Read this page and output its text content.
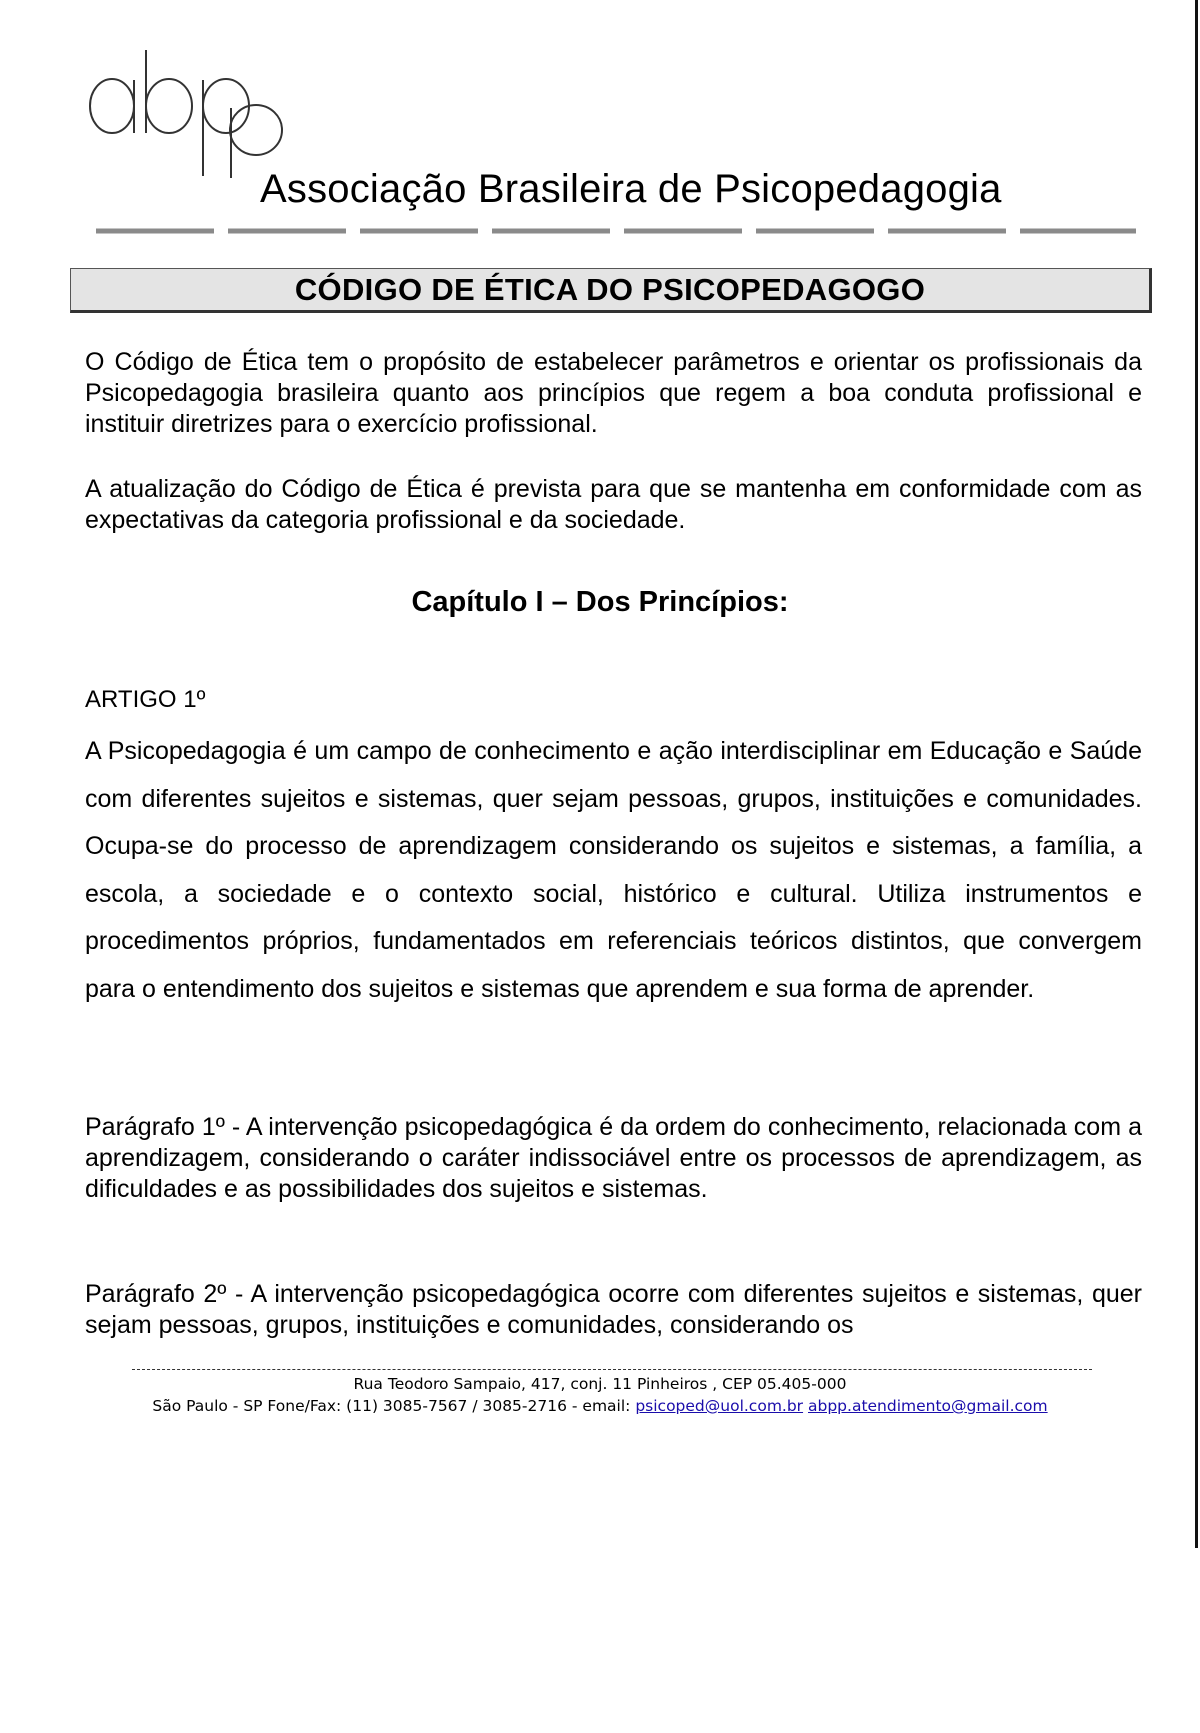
Associação Brasileira de Psicopedagogia
CÓDIGO DE ÉTICA DO PSICOPEDAGOGO

O Código de Ética tem o propósito de estabelecer parâmetros e orientar os profissionais da Psicopedagogia brasileira quanto aos princípios que regem a boa conduta profissional e instituir diretrizes para o exercício profissional.

A atualização do Código de Ética é prevista para que se mantenha em conformidade com as expectativas da categoria profissional e da sociedade.

Capítulo I – Dos Princípios:
ARTIGO 1º

A Psicopedagogia é um campo de conhecimento e ação interdisciplinar em Educação e Saúde com diferentes sujeitos e sistemas, quer sejam pessoas, grupos, instituições e comunidades. Ocupa-se do processo de aprendizagem considerando os sujeitos e sistemas, a família, a escola, a sociedade e o contexto social, histórico e cultural. Utiliza instrumentos e procedimentos próprios, fundamentados em referenciais teóricos distintos, que convergem para o entendimento dos sujeitos e sistemas que aprendem e sua forma de aprender.

Parágrafo 1º - A intervenção psicopedagógica é da ordem do conhecimento, relacionada com a aprendizagem, considerando o caráter indissociável entre os processos de aprendizagem, as dificuldades e as possibilidades dos sujeitos e sistemas.

Parágrafo 2º - A intervenção psicopedagógica ocorre com diferentes sujeitos e sistemas, quer sejam pessoas, grupos, instituições e comunidades, considerando os

Rua Teodoro Sampaio, 417, conj. 11 Pinheiros , CEP 05.405-000
São Paulo - SP Fone/Fax: (11) 3085-7567 / 3085-2716 - email: psicoped@uol.com.br abpp.atendimento@gmail.com
